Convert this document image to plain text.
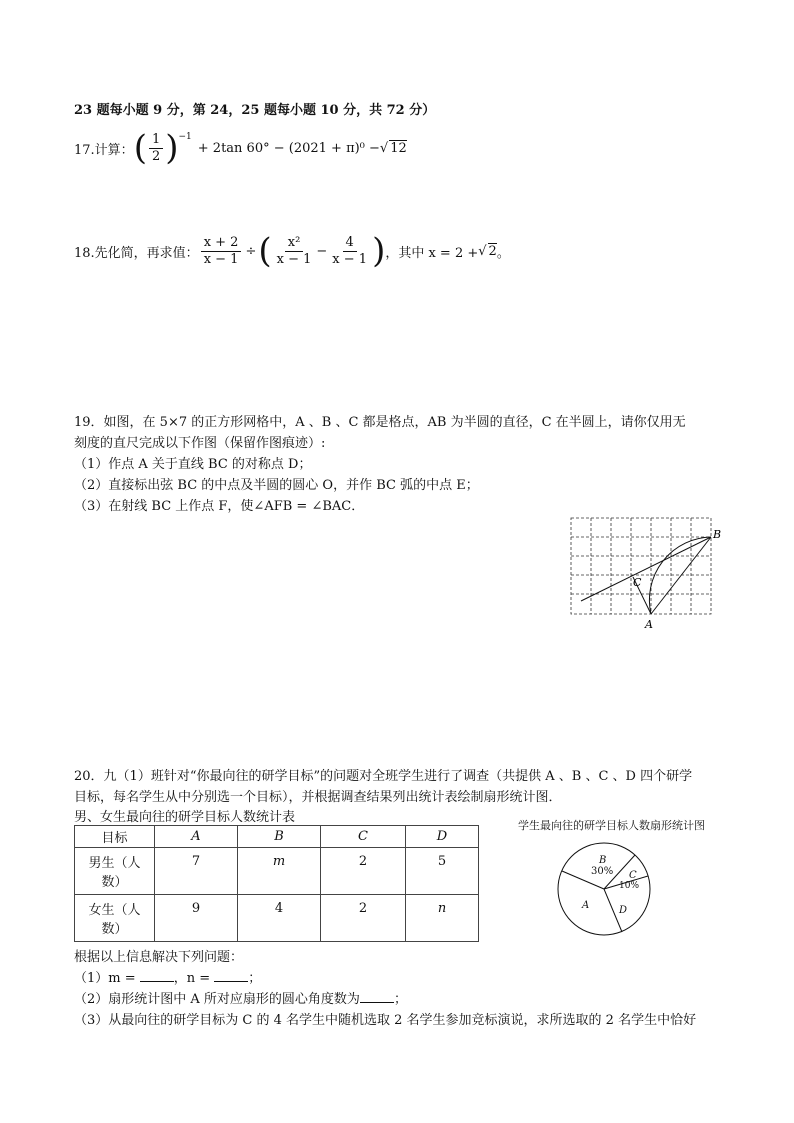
23 题每小题 9 分，第 24，25 题每小题 10 分，共 72 分）
17.计算： ( $\frac{1}{2} )^{-1}$
+ 2tan 60° − (2021 + π)⁰ − √ 12
18.先化简，再求值： $\frac{x + 2}{x - 1}$ ÷ ( $\frac{\text{x²}}{x - 1} - \frac{4}{x - 1}$ ) ，其中 x = 2 + √ 2 。
19．如图，在 5×7 的正方形网格中，A 、B 、C 都是格点，AB 为半圆的直径，C 在半圆上，请你仅用无
刻度的直尺完成以下作图（保留作图痕迹）:
（1）作点 A 关于直线 BC 的对称点 D；
（2）直接标出弦 BC 的中点及半圆的圆心 O，并作 BC 弧的中点 E；
（3）在射线 BC 上作点 F，使∠AFB = ∠BAC．
B
C
A
20．九（1）班针对“你最向往的研学目标”的问题对全班学生进行了调查（共提供 A 、B 、C 、D 四个研学
目标，每名学生从中分别选一个目标），并根据调查结果列出统计表绘制扇形统计图．
男、女生最向往的研学目标人数统计表
目标	A	B	C	D
男生（人
数）	7	m	2	5
女生（人
数）	9	4	2	n
学生最向往的研学目标人数扇形统计图
B
30% C
10%
D
A
根据以上信息解决下列问题：
（1）m =	，n =	；
（2）扇形统计图中 A 所对应扇形的圆心角度数为	；
（3）从最向往的研学目标为 C 的 4 名学生中随机选取 2 名学生参加竞标演说，求所选取的 2 名学生中恰好
